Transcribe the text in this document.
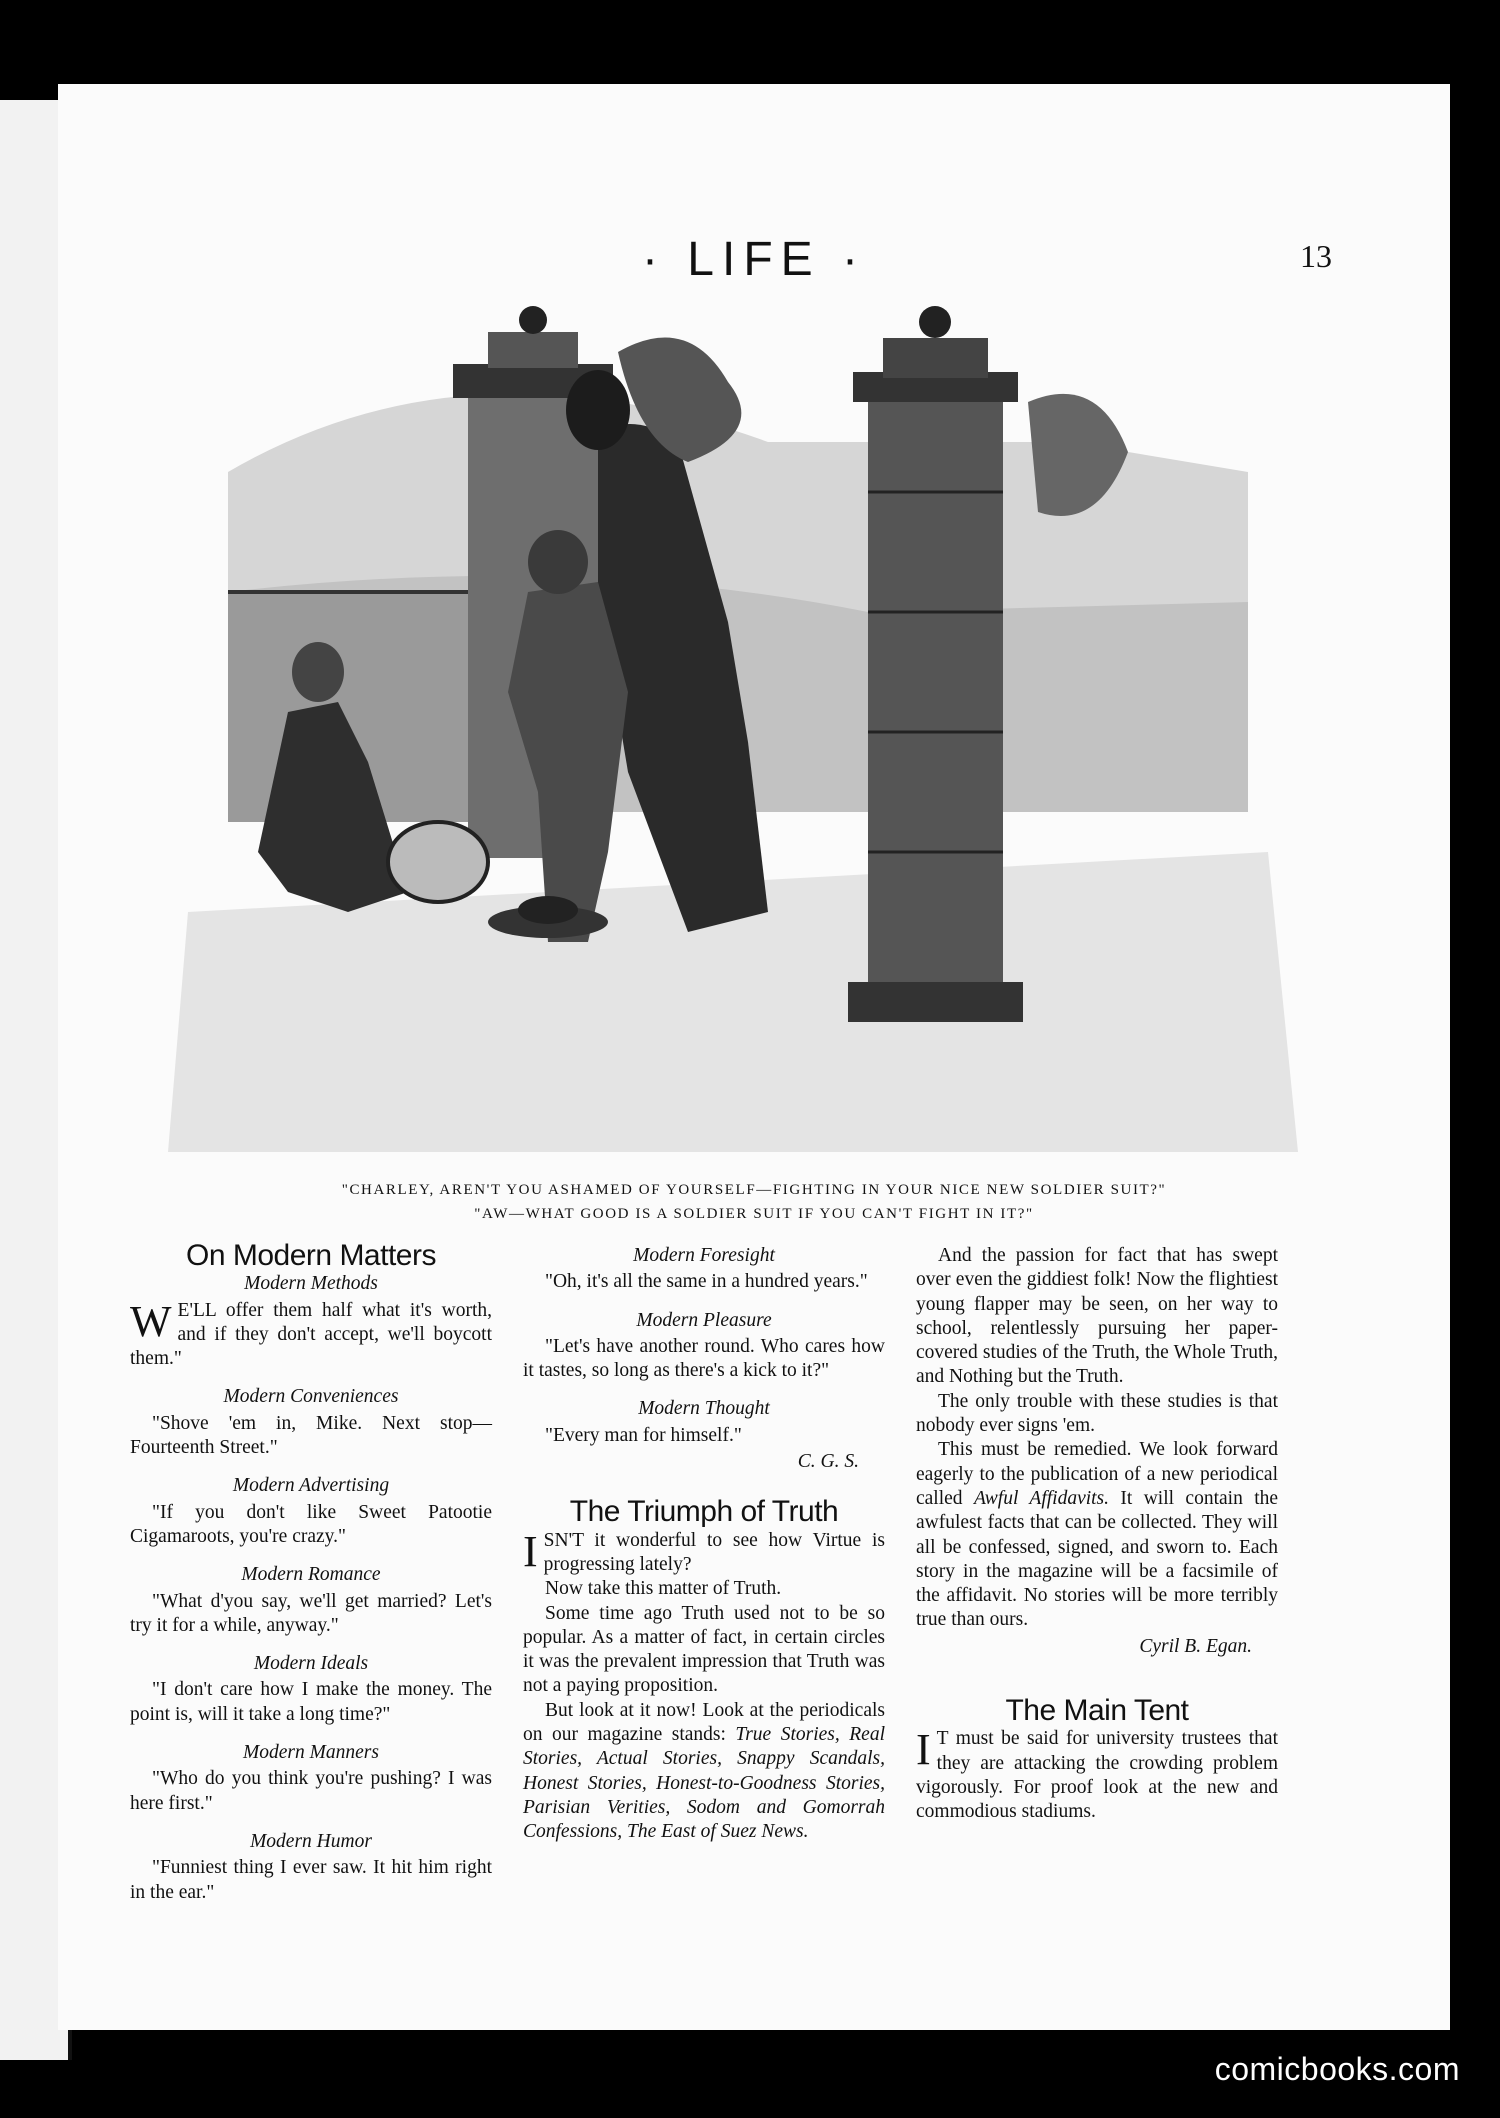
· LIFE ·	13
"CHARLEY, AREN'T YOU ASHAMED OF YOURSELF—FIGHTING IN YOUR NICE NEW SOLDIER SUIT?"
"AW—WHAT GOOD IS A SOLDIER SUIT IF YOU CAN'T FIGHT IN IT?"
On Modern Matters
Modern Methods

W E'LL offer them half what it's worth, and if they don't accept, we'll boycott them."

Modern Conveniences

"Shove 'em in, Mike. Next stop—Fourteenth Street."

Modern Advertising

"If you don't like Sweet Patootie Cigamaroots, you're crazy."

Modern Romance

"What d'you say, we'll get married? Let's try it for a while, anyway."

Modern Ideals

"I don't care how I make the money. The point is, will it take a long time?"

Modern Manners

"Who do you think you're pushing? I was here first."

Modern Humor

"Funniest thing I ever saw. It hit him right in the ear."

Modern Foresight

"Oh, it's all the same in a hundred years."

Modern Pleasure

"Let's have another round. Who cares how it tastes, so long as there's a kick to it?"

Modern Thought

"Every man for himself."

C. G. S.
The Triumph of Truth

ISN'T it wonderful to see how Virtue is progressing lately?

Now take this matter of Truth.

Some time ago Truth used not to be so popular. As a matter of fact, in certain circles it was the prevalent impression that Truth was not a paying proposition.

But look at it now! Look at the periodicals on our magazine stands: True Stories, Real Stories, Actual Stories, Snappy Scandals, Honest Stories, Honest-to-Goodness Stories, Parisian Verities, Sodom and Gomorrah Confessions, The East of Suez News.

And the passion for fact that has swept over even the giddiest folk! Now the flightiest young flapper may be seen, on her way to school, relentlessly pursuing her paper-covered studies of the Truth, the Whole Truth, and Nothing but the Truth.

The only trouble with these studies is that nobody ever signs 'em.

This must be remedied. We look forward eagerly to the publication of a new periodical called Awful Affidavits. It will contain the awfulest facts that can be collected. They will all be confessed, signed, and sworn to. Each story in the magazine will be a facsimile of the affidavit. No stories will be more terribly true than ours.

Cyril B. Egan.
The Main Tent

I T must be said for university trustees that they are attacking the crowding problem vigorously. For proof look at the new and commodious stadiums.

comicbooks.com
